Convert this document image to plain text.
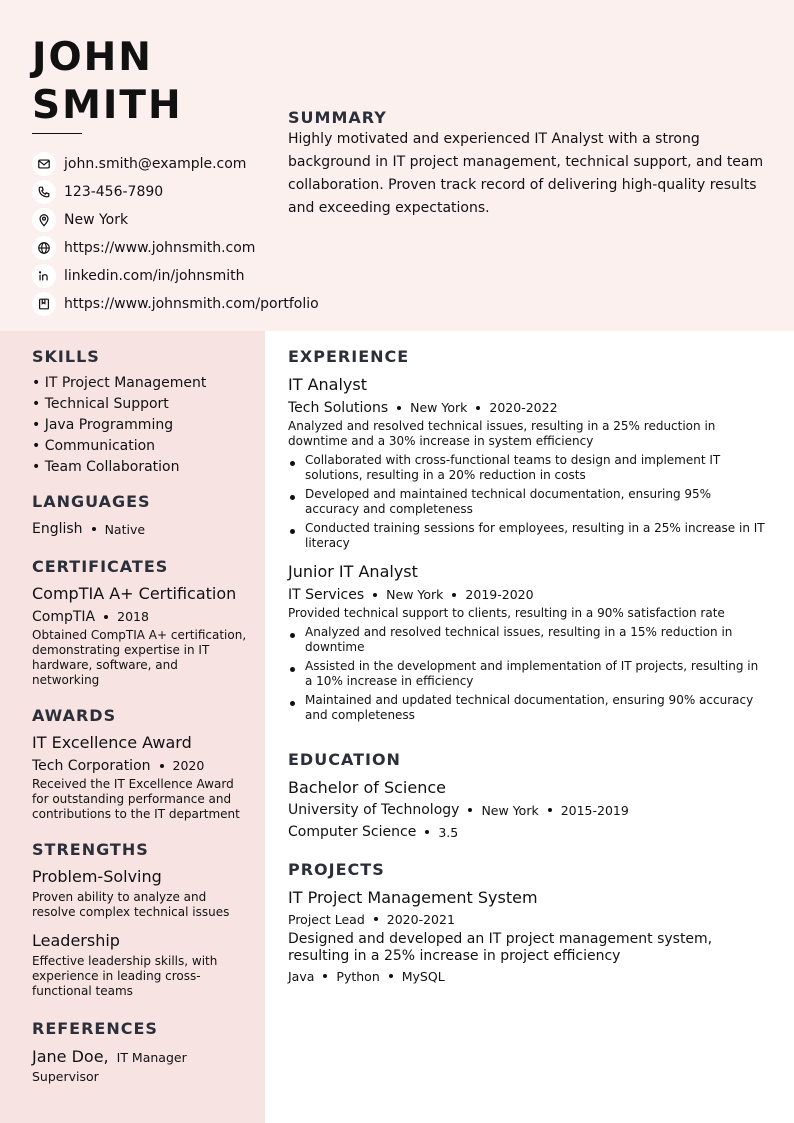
JOHN
SMITH
john.smith@example.com
123-456-7890
New York
https://www.johnsmith.com
linkedin.com/in/johnsmith
https://www.johnsmith.com/portfolio
SUMMARY
Highly motivated and experienced IT Analyst with a strong background in IT project management, technical support, and team collaboration. Proven track record of delivering high-quality results and exceeding expectations.
SKILLS
• IT Project Management
• Technical Support
• Java Programming
• Communication
• Team Collaboration
LANGUAGES
English Native
CERTIFICATES
CompTIA A+ Certification
CompTIA 2018
Obtained CompTIA A+ certification, demonstrating expertise in IT hardware, software, and networking
AWARDS
IT Excellence Award
Tech Corporation 2020
Received the IT Excellence Award for outstanding performance and contributions to the IT department
STRENGTHS
Problem-Solving
Proven ability to analyze and resolve complex technical issues
Leadership
Effective leadership skills, with experience in leading cross-functional teams
REFERENCES
Jane Doe, IT Manager
Supervisor
EXPERIENCE
IT Analyst
Tech Solutions New York 2020-2022
Analyzed and resolved technical issues, resulting in a 25% reduction in downtime and a 30% increase in system efficiency
Collaborated with cross-functional teams to design and implement IT solutions, resulting in a 20% reduction in costs
Developed and maintained technical documentation, ensuring 95% accuracy and completeness
Conducted training sessions for employees, resulting in a 25% increase in IT literacy
Junior IT Analyst
IT Services New York 2019-2020
Provided technical support to clients, resulting in a 90% satisfaction rate
Analyzed and resolved technical issues, resulting in a 15% reduction in downtime
Assisted in the development and implementation of IT projects, resulting in a 10% increase in efficiency
Maintained and updated technical documentation, ensuring 90% accuracy and completeness
EDUCATION
Bachelor of Science
University of Technology New York 2015-2019
Computer Science 3.5
PROJECTS
IT Project Management System
Project Lead 2020-2021
Designed and developed an IT project management system, resulting in a 25% increase in project efficiency
Java Python MySQL
